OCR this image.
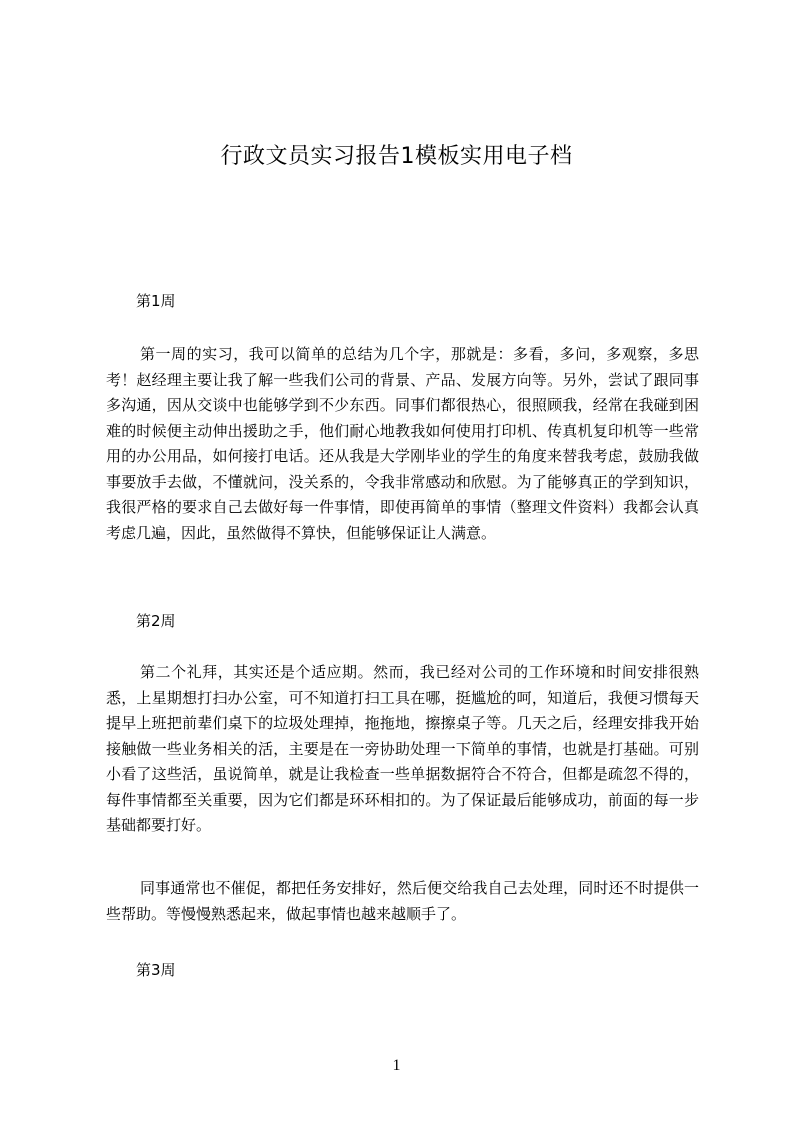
行政文员实习报告1模板实用电子档
第1周
第一周的实习，我可以简单的总结为几个字，那就是：多看，多问，多观察，多思考！赵经理主要让我了解一些我们公司的背景、产品、发展方向等。另外，尝试了跟同事多沟通，因从交谈中也能够学到不少东西。同事们都很热心，很照顾我，经常在我碰到困难的时候便主动伸出援助之手，他们耐心地教我如何使用打印机、传真机复印机等一些常用的办公用品，如何接打电话。还从我是大学刚毕业的学生的角度来替我考虑，鼓励我做事要放手去做，不懂就问，没关系的，令我非常感动和欣慰。为了能够真正的学到知识，我很严格的要求自己去做好每一件事情，即使再简单的事情（整理文件资料）我都会认真考虑几遍，因此，虽然做得不算快，但能够保证让人满意。
第2周
第二个礼拜，其实还是个适应期。然而，我已经对公司的工作环境和时间安排很熟悉，上星期想打扫办公室，可不知道打扫工具在哪，挺尴尬的呵，知道后，我便习惯每天提早上班把前辈们桌下的垃圾处理掉，拖拖地，擦擦桌子等。几天之后，经理安排我开始接触做一些业务相关的活，主要是在一旁协助处理一下简单的事情，也就是打基础。可别小看了这些活，虽说简单，就是让我检查一些单据数据符合不符合，但都是疏忽不得的，每件事情都至关重要，因为它们都是环环相扣的。为了保证最后能够成功，前面的每一步基础都要打好。
同事通常也不催促，都把任务安排好，然后便交给我自己去处理，同时还不时提供一些帮助。等慢慢熟悉起来，做起事情也越来越顺手了。
第3周
1
